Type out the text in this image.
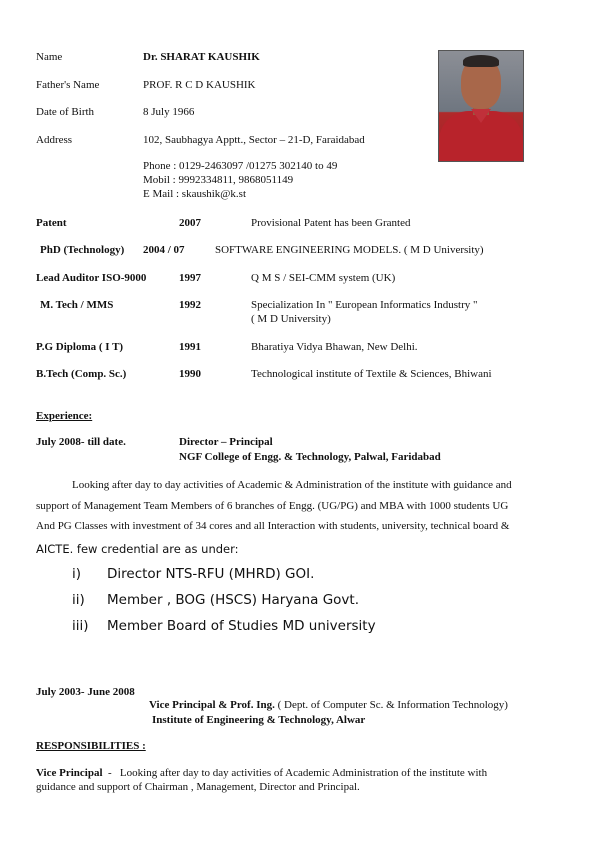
Name	Dr. SHARAT KAUSHIK
Father's Name	PROF. R C D KAUSHIK
Date of Birth	8 July 1966
Address	102, Saubhagya Apptt., Sector – 21-D, Faraidabad
Phone : 0129-2463097 /01275 302140 to 49
Mobil : 9992334811, 9868051149
E Mail : skaushik@k.st
Patent	2007	Provisional Patent has been Granted
PhD (Technology) 2004 / 07	SOFTWARE ENGINEERING MODELS. ( M D University)
Lead Auditor ISO-9000	1997	Q M S / SEI-CMM system (UK)
M. Tech / MMS	1992	Specialization In " European Informatics Industry "
( M D University)
P.G Diploma ( I T)	1991	Bharatiya Vidya Bhawan, New Delhi.
B.Tech (Comp. Sc.)	1990	Technological institute of Textile & Sciences, Bhiwani
Experience:
July 2008- till date.	Director – Principal
NGF College of Engg. & Technology, Palwal, Faridabad
Looking after day to day activities of Academic & Administration of the institute with guidance and
support of Management Team Members of 6 branches of Engg. (UG/PG) and MBA with 1000 students UG
And PG Classes with investment of 34 cores and all Interaction with students, university, technical board &
AICTE. few credential are as under:
i) Director NTS-RFU (MHRD) GOI.
ii) Member , BOG (HSCS) Haryana Govt.
iii) Member Board of Studies MD university
July 2003- June 2008
Vice Principal & Prof. Ing. ( Dept. of Computer Sc. & Information Technology)
Institute of Engineering & Technology, Alwar
RESPONSIBILITIES :
Vice Principal  -   Looking after day to day activities of Academic Administration of the institute with
guidance and support of Chairman , Management, Director and Principal.
